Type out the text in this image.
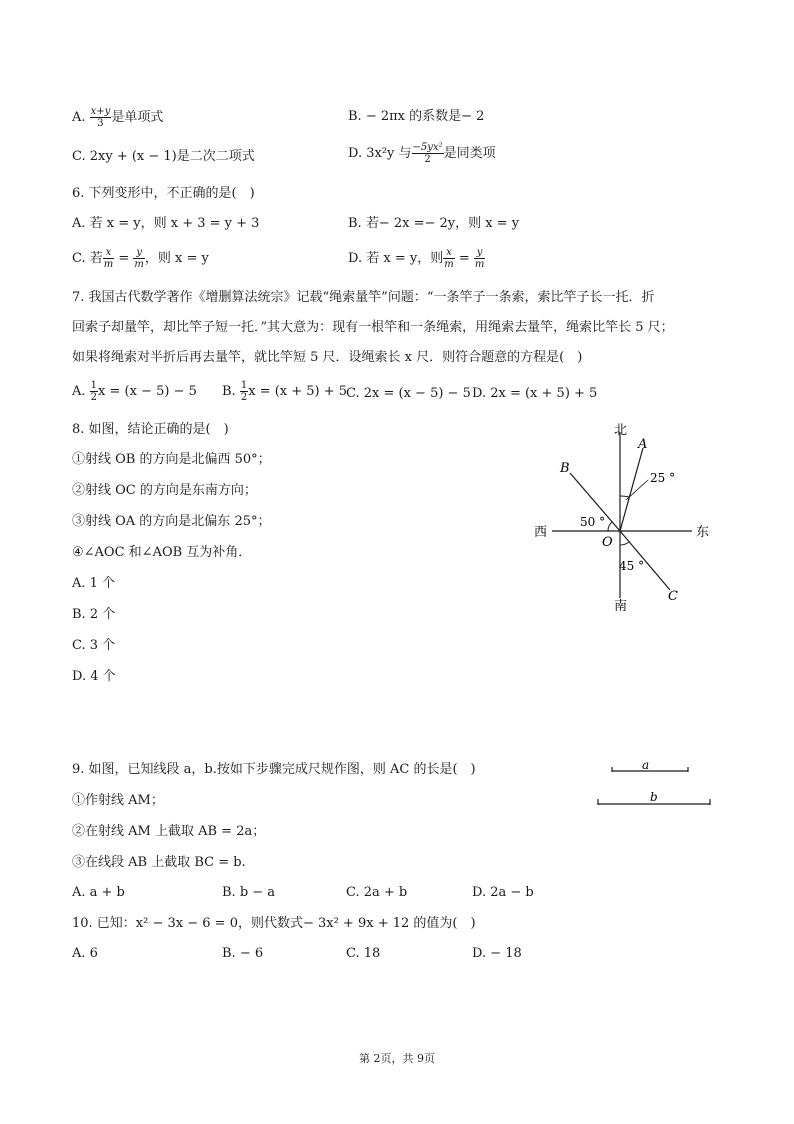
A. $\frac{x+y}{3}$ 是单项式	B. − 2πx 的系数是− 2
C. 2xy + (x − 1)是二次二项式	D. 3x²y 与 $\frac{\text{−5yx²}}{2}$ 是同类项
6. 下列变形中，不正确的是(　)
A. 若 x = y，则 x + 3 = y + 3	B. 若− 2x =− 2y，则 x = y
C. 若 $\frac{x}{m} = \frac{y}{m}$ ，则 x = y	D. 若 x = y，则 $\frac{x}{m} = \frac{y}{m}$
7. 我国古代数学著作《增删算法统宗》记载“绳索量竿”问题：“一条竿子一条索，索比竿子长一托．折
回索子却量竿，却比竿子短一托．”其大意为：现有一根竿和一条绳索，用绳索去量竿，绳索比竿长 5 尺；
如果将绳索对半折后再去量竿，就比竿短 5 尺．设绳索长 x 尺．则符合题意的方程是(　)
A. $\frac{1}{2}$ x = (x − 5) − 5 B. $\frac{1}{2}$ x = (x + 5) + 5
C. 2x = (x − 5) − 5 D. 2x = (x + 5) + 5
8. 如图，结论正确的是(　)
①射线 OB 的方向是北偏西 50°；
②射线 OC 的方向是东南方向；
③射线 OA 的方向是北偏东 25°；
④∠AOC 和∠AOB 互为补角．
A. 1 个
B. 2 个
C. 3 个
D. 4 个
北
南
西	东
A
B
C
O
25 °
50 °
45 °
9. 如图，已知线段 a，b.按如下步骤完成尺规作图，则 AC 的长是(　)
①作射线 AM；
②在射线 AM 上截取 AB = 2a；
③在线段 AB 上截取 BC = b.
A. a + b	B. b − a	C. 2a + b	D. 2a − b
a
b
10. 已知：x² − 3x − 6 = 0，则代数式− 3x² + 9x + 12 的值为(　)
A. 6	B. − 6	C. 18	D. − 18
第 2页，共 9页
